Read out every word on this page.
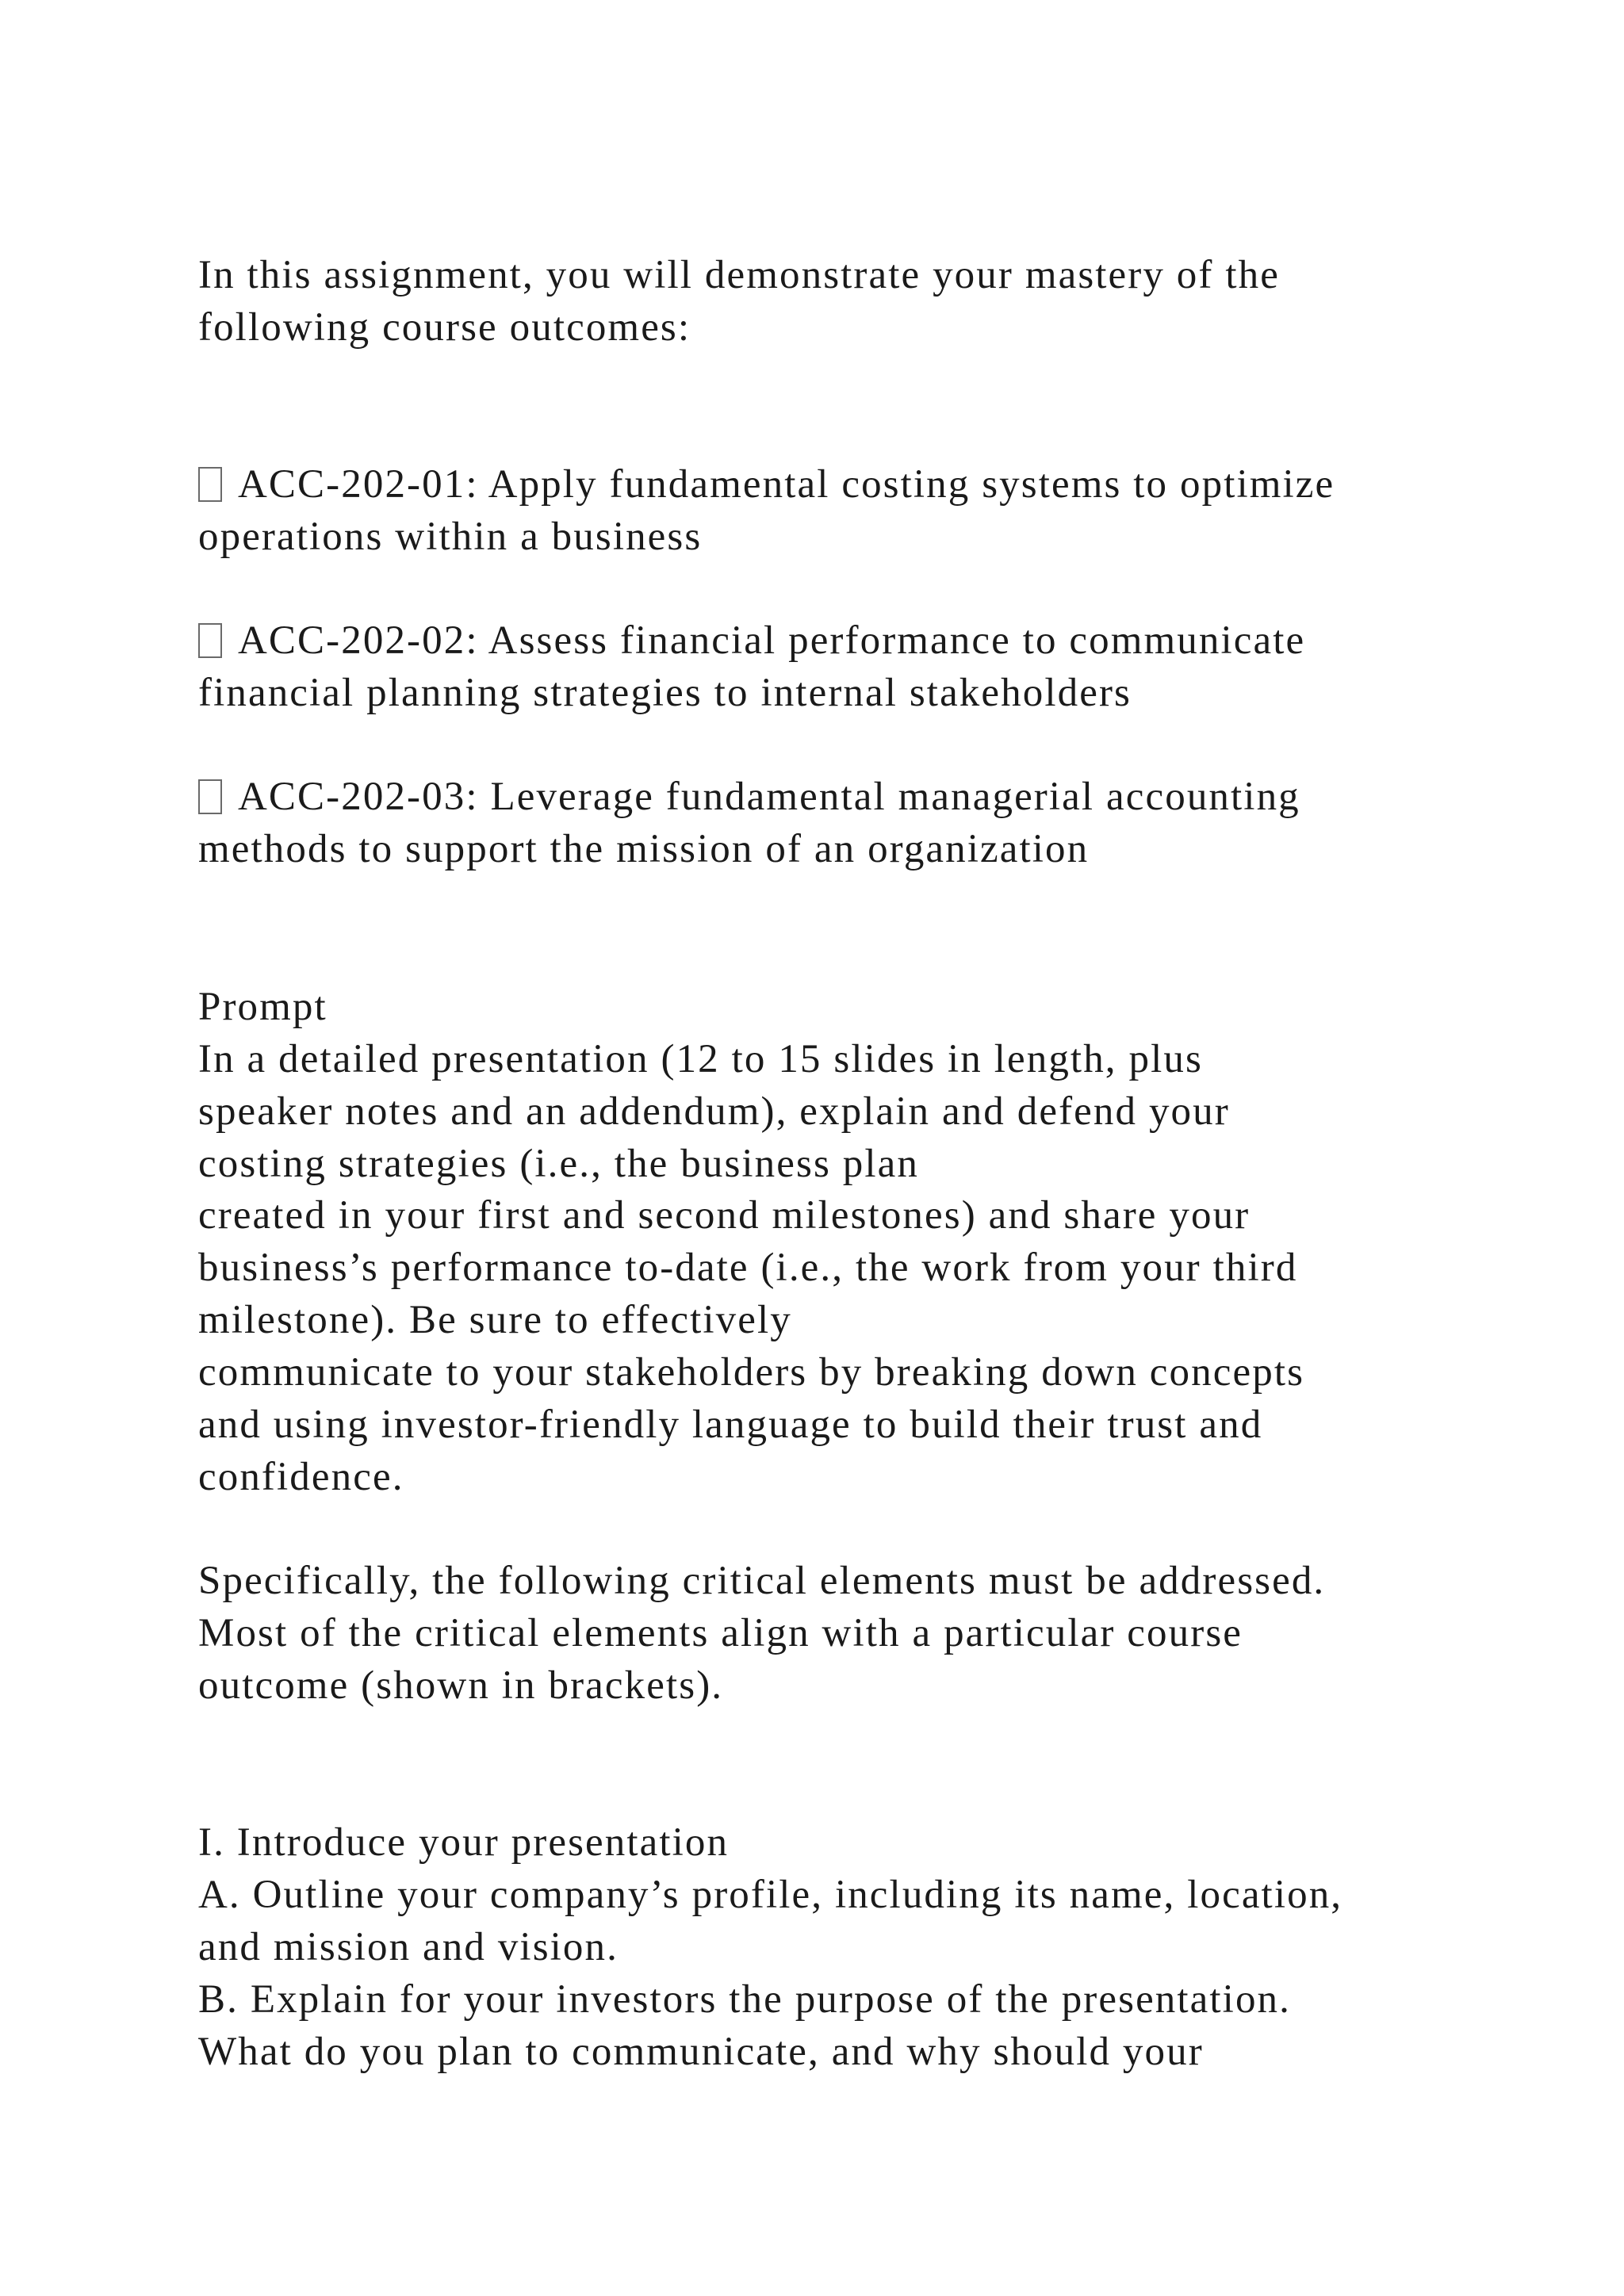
In this assignment, you will demonstrate your mastery of the
following course outcomes:
ACC-202-01: Apply fundamental costing systems to optimize
operations within a business
ACC-202-02: Assess financial performance to communicate
financial planning strategies to internal stakeholders
ACC-202-03: Leverage fundamental managerial accounting
methods to support the mission of an organization
Prompt
In a detailed presentation (12 to 15 slides in length, plus
speaker notes and an addendum), explain and defend your
costing strategies (i.e., the business plan
created in your first and second milestones) and share your
business’s performance to-date (i.e., the work from your third
milestone). Be sure to effectively
communicate to your stakeholders by breaking down concepts
and using investor-friendly language to build their trust and
confidence.
Specifically, the following critical elements must be addressed.
Most of the critical elements align with a particular course
outcome (shown in brackets).
I. Introduce your presentation
A. Outline your company’s profile, including its name, location,
and mission and vision.
B. Explain for your investors the purpose of the presentation.
What do you plan to communicate, and why should your
